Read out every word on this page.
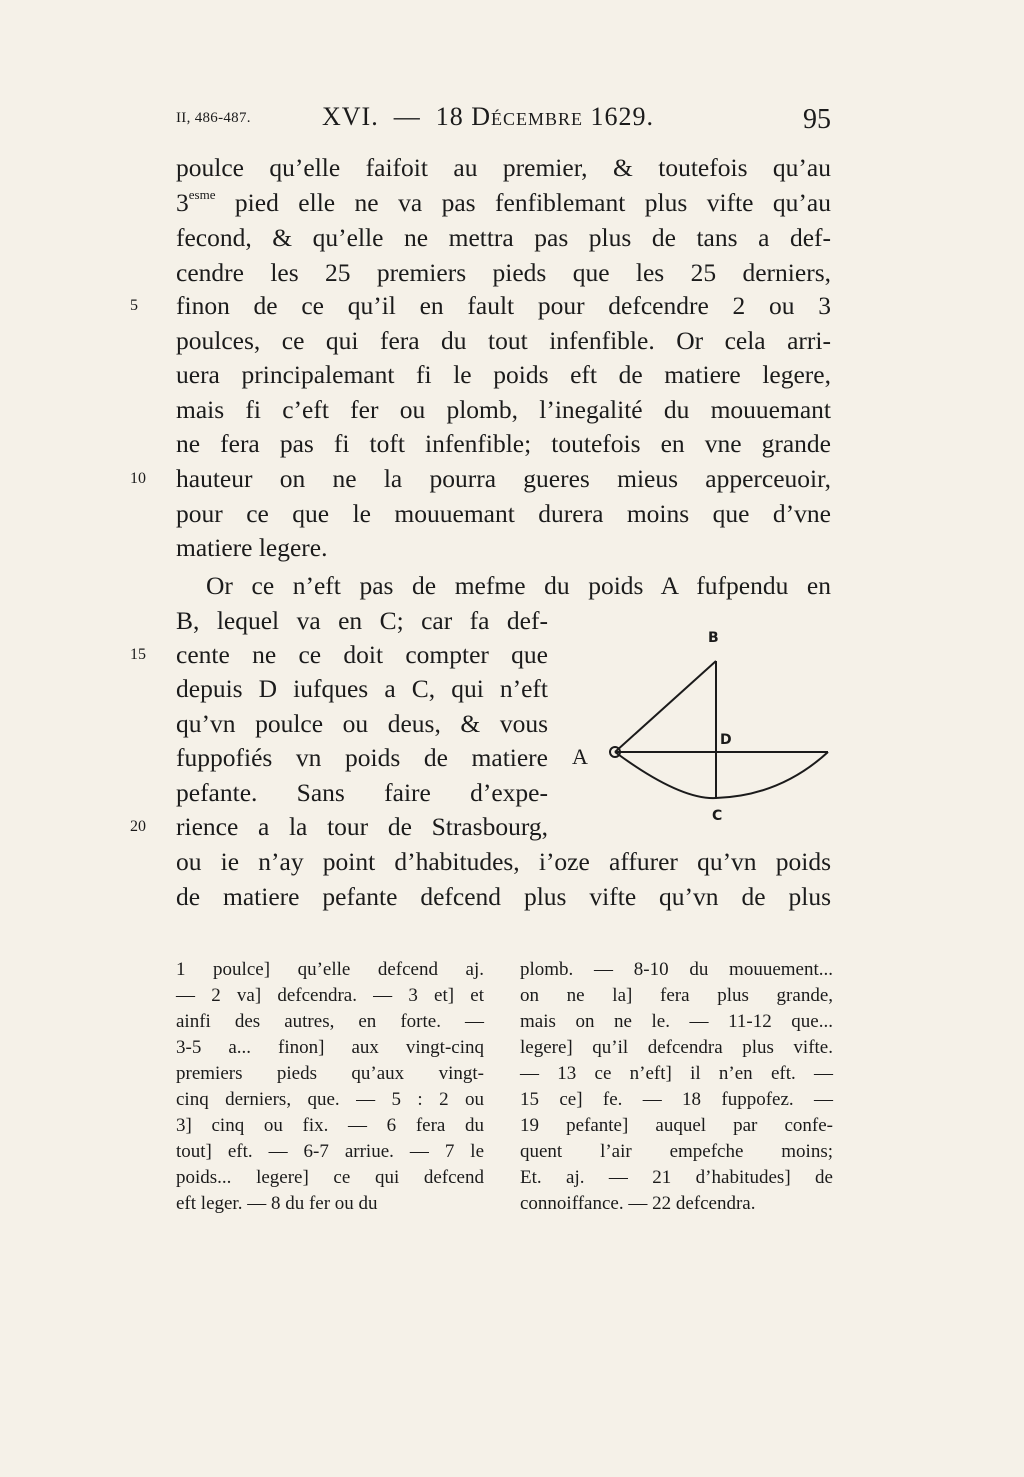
II, 486-487.	XVI. — 18 Décembre 1629.	95
poulce qu’elle faifoit au premier, & toutefois qu’au
$3^{esme}$ pied elle ne va pas fenfiblemant plus vifte qu’au
fecond, & qu’elle ne mettra pas plus de tans a def-
cendre les 25 premiers pieds que les 25 derniers,
finon de ce qu’il en fault pour defcendre 2 ou 3
poulces, ce qui fera du tout infenfible. Or cela arri-
uera principalemant fi le poids eft de matiere legere,
mais fi c’eft fer ou plomb, l’inegalité du mouuemant
ne fera pas fi toft infenfible; toutefois en vne grande
hauteur on ne la pourra gueres mieus apperceuoir,
pour ce que le mouuemant durera moins que d’vne
matiere legere.
Or ce n’eft pas de mefme du poids A fufpendu en
B, lequel va en C; car fa def-
cente ne ce doit compter que
depuis D iufques a C, qui n’eft
qu’vn poulce ou deus, & vous
fuppofiés vn poids de matiere
pefante. Sans faire d’expe-
rience a la tour de Strasbourg,
ou ie n’ay point d’habitudes, i’oze affurer qu’vn poids
de matiere pefante defcend plus vifte qu’vn de plus
5
10
15
20
B
D
C
A
1 poulce] qu’elle defcend aj.
— 2 va] defcendra. — 3 et] et
ainfi des autres, en forte. —
3-5 a... finon] aux vingt-cinq
premiers pieds qu’aux vingt-
cinq derniers, que. — 5 : 2 ou
3] cinq ou fix. — 6 fera du
tout] eft. — 6-7 arriue. — 7 le
poids... legere] ce qui defcend
eft leger. — 8 du fer ou du
plomb. — 8-10 du mouuement...
on ne la] fera plus grande,
mais on ne le. — 11-12 que...
legere] qu’il defcendra plus vifte.
— 13 ce n’eft] il n’en eft. —
15 ce] fe. — 18 fuppofez. —
19 pefante] auquel par confe-
quent l’air empefche moins;
Et. aj. — 21 d’habitudes] de
connoiffance. — 22 defcendra.
